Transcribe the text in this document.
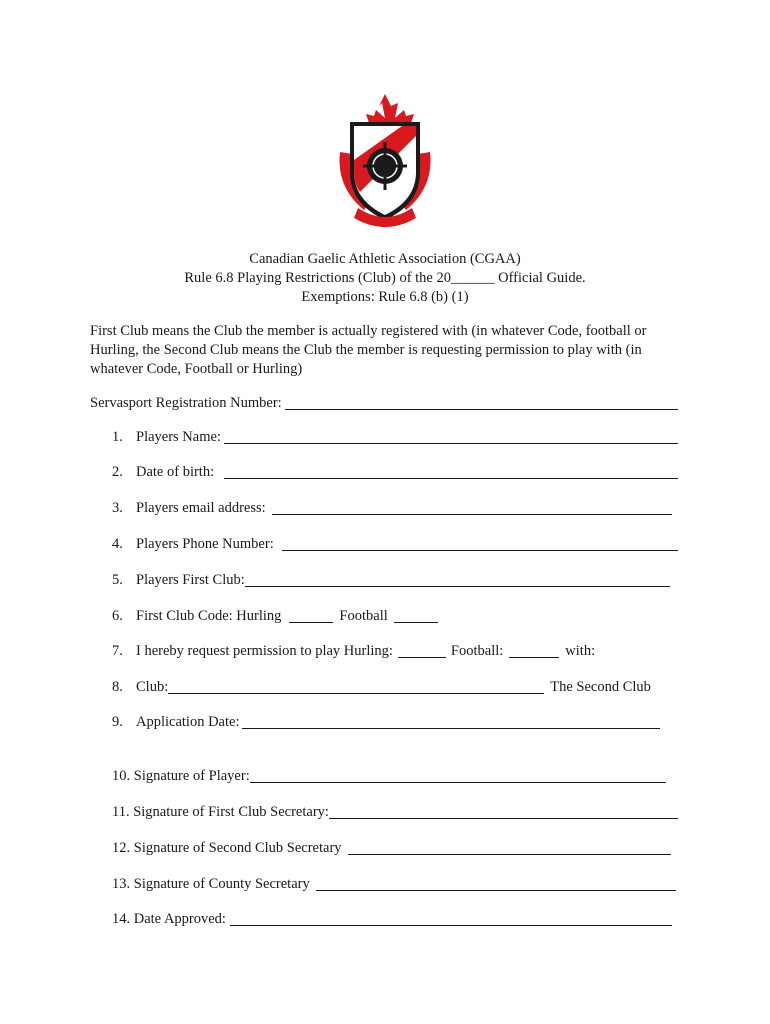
Canadian Gaelic Athletic Association (CGAA)
Rule 6.8 Playing Restrictions (Club) of the 20______ Official Guide.
Exemptions: Rule 6.8 (b) (1)
First Club means the Club the member is actually registered with (in whatever Code, football or Hurling, the Second Club means the Club the member is requesting permission to play with (in whatever Code, Football or Hurling)
Servasport Registration Number:
1. Players Name:
2. Date of birth:
3. Players email address:
4. Players Phone Number:
5. Players First Club:
6. First Club Code: Hurling	Football
7. I hereby request permission to play Hurling:	Football:	with:
8. Club:	The Second Club
9. Application Date:
10. Signature of Player:
11. Signature of First Club Secretary:
12. Signature of Second Club Secretary
13. Signature of County Secretary
14. Date Approved:
